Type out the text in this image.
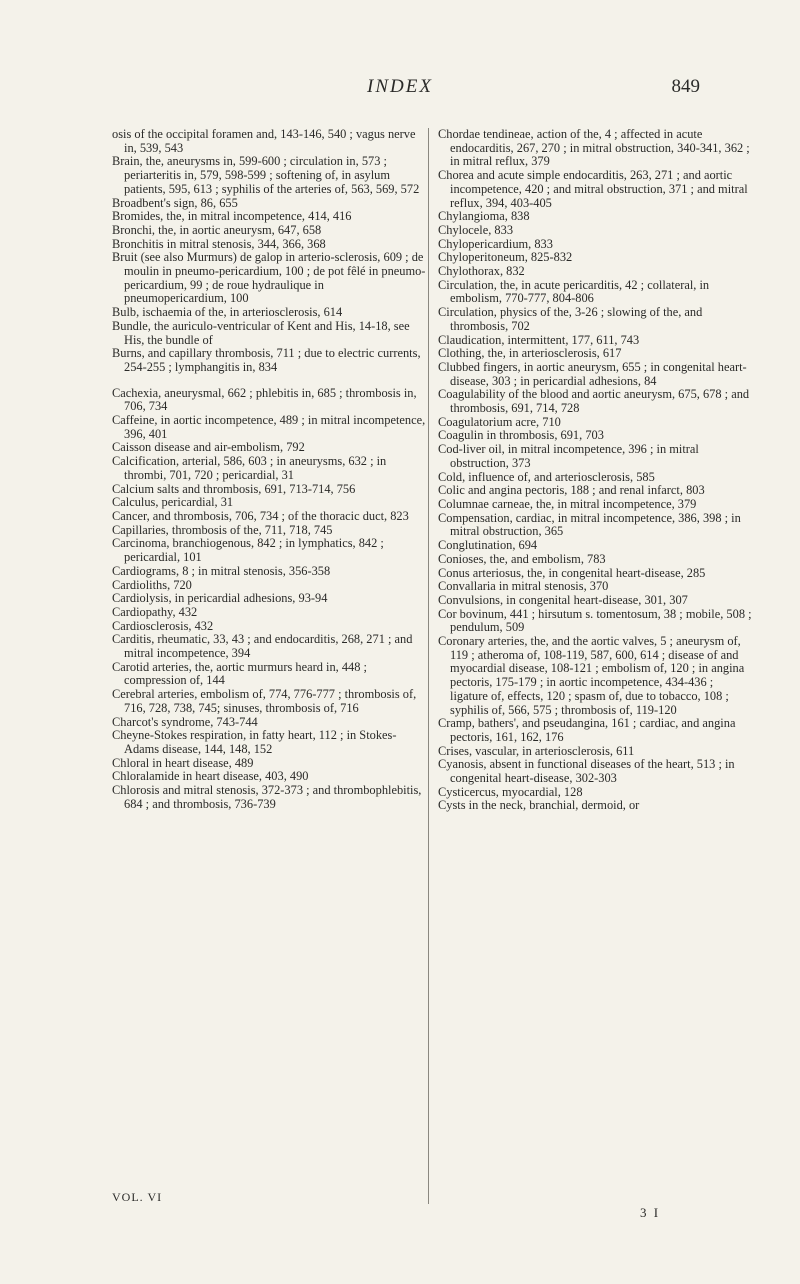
INDEX	849

osis of the occipital foramen and, 143-146, 540 ; vagus nerve in, 539, 543

Brain, the, aneurysms in, 599-600 ; circulation in, 573 ; periarteritis in, 579, 598-599 ; softening of, in asylum patients, 595, 613 ; syphilis of the arteries of, 563, 569, 572

Broadbent's sign, 86, 655

Bromides, the, in mitral incompetence, 414, 416

Bronchi, the, in aortic aneurysm, 647, 658

Bronchitis in mitral stenosis, 344, 366, 368

Bruit (see also Murmurs) de galop in arterio-sclerosis, 609 ; de moulin in pneumo-pericardium, 100 ; de pot fêlé in pneumo-pericardium, 99 ; de roue hydraulique in pneumopericardium, 100

Bulb, ischaemia of the, in arteriosclerosis, 614

Bundle, the auriculo-ventricular of Kent and His, 14-18, see His, the bundle of

Burns, and capillary thrombosis, 711 ; due to electric currents, 254-255 ; lymphangitis in, 834

Cachexia, aneurysmal, 662 ; phlebitis in, 685 ; thrombosis in, 706, 734

Caffeine, in aortic incompetence, 489 ; in mitral incompetence, 396, 401

Caisson disease and air-embolism, 792

Calcification, arterial, 586, 603 ; in aneurysms, 632 ; in thrombi, 701, 720 ; pericardial, 31

Calcium salts and thrombosis, 691, 713-714, 756

Calculus, pericardial, 31

Cancer, and thrombosis, 706, 734 ; of the thoracic duct, 823

Capillaries, thrombosis of the, 711, 718, 745

Carcinoma, branchiogenous, 842 ; in lymphatics, 842 ; pericardial, 101

Cardiograms, 8 ; in mitral stenosis, 356-358

Cardioliths, 720

Cardiolysis, in pericardial adhesions, 93-94

Cardiopathy, 432

Cardiosclerosis, 432

Carditis, rheumatic, 33, 43 ; and endocarditis, 268, 271 ; and mitral incompetence, 394

Carotid arteries, the, aortic murmurs heard in, 448 ; compression of, 144

Cerebral arteries, embolism of, 774, 776-777 ; thrombosis of, 716, 728, 738, 745; sinuses, thrombosis of, 716

Charcot's syndrome, 743-744

Cheyne-Stokes respiration, in fatty heart, 112 ; in Stokes-Adams disease, 144, 148, 152

Chloral in heart disease, 489

Chloralamide in heart disease, 403, 490

Chlorosis and mitral stenosis, 372-373 ; and thrombophlebitis, 684 ; and thrombosis, 736-739

Chordae tendineae, action of the, 4 ; affected in acute endocarditis, 267, 270 ; in mitral obstruction, 340-341, 362 ; in mitral reflux, 379

Chorea and acute simple endocarditis, 263, 271 ; and aortic incompetence, 420 ; and mitral obstruction, 371 ; and mitral reflux, 394, 403-405

Chylangioma, 838

Chylocele, 833

Chylopericardium, 833

Chyloperitoneum, 825-832

Chylothorax, 832

Circulation, the, in acute pericarditis, 42 ; collateral, in embolism, 770-777, 804-806

Circulation, physics of the, 3-26 ; slowing of the, and thrombosis, 702

Claudication, intermittent, 177, 611, 743

Clothing, the, in arteriosclerosis, 617

Clubbed fingers, in aortic aneurysm, 655 ; in congenital heart-disease, 303 ; in pericardial adhesions, 84

Coagulability of the blood and aortic aneurysm, 675, 678 ; and thrombosis, 691, 714, 728

Coagulatorium acre, 710

Coagulin in thrombosis, 691, 703

Cod-liver oil, in mitral incompetence, 396 ; in mitral obstruction, 373

Cold, influence of, and arteriosclerosis, 585

Colic and angina pectoris, 188 ; and renal infarct, 803

Columnae carneae, the, in mitral incompetence, 379

Compensation, cardiac, in mitral incompetence, 386, 398 ; in mitral obstruction, 365

Conglutination, 694

Conioses, the, and embolism, 783

Conus arteriosus, the, in congenital heart-disease, 285

Convallaria in mitral stenosis, 370

Convulsions, in congenital heart-disease, 301, 307

Cor bovinum, 441 ; hirsutum s. tomentosum, 38 ; mobile, 508 ; pendulum, 509

Coronary arteries, the, and the aortic valves, 5 ; aneurysm of, 119 ; atheroma of, 108-119, 587, 600, 614 ; disease of and myocardial disease, 108-121 ; embolism of, 120 ; in angina pectoris, 175-179 ; in aortic incompetence, 434-436 ; ligature of, effects, 120 ; spasm of, due to tobacco, 108 ; syphilis of, 566, 575 ; thrombosis of, 119-120

Cramp, bathers', and pseudangina, 161 ; cardiac, and angina pectoris, 161, 162, 176

Crises, vascular, in arteriosclerosis, 611

Cyanosis, absent in functional diseases of the heart, 513 ; in congenital heart-disease, 302-303

Cysticercus, myocardial, 128

Cysts in the neck, branchial, dermoid, or

VOL. VI
3 I
